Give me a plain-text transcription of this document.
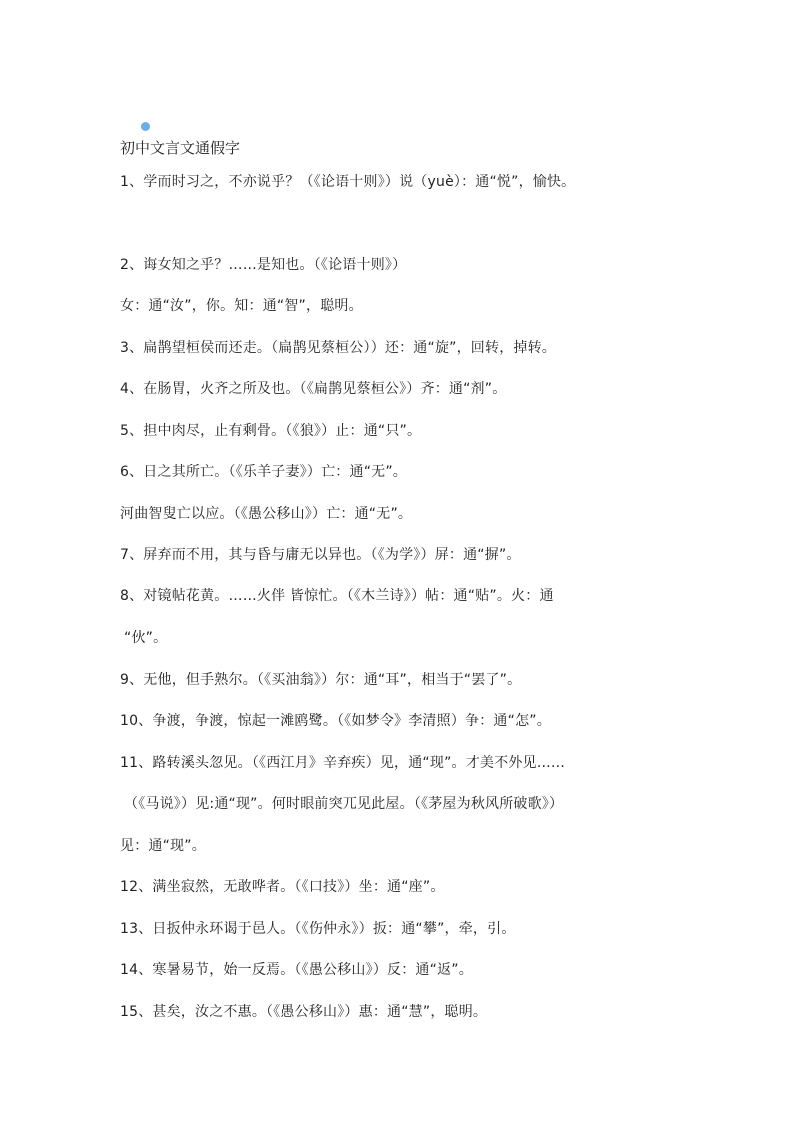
初中文言文通假字
1、学而时习之，不亦说乎？（《论语十则》）说（yuè）：通“悦”，愉快。
2、诲女知之乎？……是知也。（《论语十则》）
女：通“汝”，你。知：通“智”，聪明。
3、扁鹊望桓侯而还走。（扁鹊见蔡桓公））还：通“旋”，回转，掉转。
4、在肠胃，火齐之所及也。（《扁鹊见蔡桓公》）齐：通“剂”。
5、担中肉尽，止有剩骨。（《狼》）止：通“只”。
6、日之其所亡。（《乐羊子妻》）亡：通“无”。
河曲智叟亡以应。（《愚公移山》）亡：通“无”。
7、屏弃而不用，其与昏与庸无以异也。（《为学》）屏：通“摒”。
8、对镜帖花黄。……火伴 皆惊忙。（《木兰诗》）帖：通“贴”。火：通
“伙”。
9、无他，但手熟尔。（《买油翁》）尔：通“耳”，相当于“罢了”。
10、争渡，争渡，惊起一滩鸥鹭。（《如梦令》李清照）争：通“怎”。
11、路转溪头忽见。（《西江月》辛弃疾）见，通“现”。才美不外见……
（《马说》）见:通“现”。何时眼前突兀见此屋。（《茅屋为秋风所破歌》）
见：通“现”。
12、满坐寂然，无敢哗者。（《口技》）坐：通“座”。
13、日扳仲永环谒于邑人。（《伤仲永》）扳：通“攀”，牵，引。
14、寒暑易节，始一反焉。（《愚公移山》）反：通“返”。
15、甚矣，汝之不惠。（《愚公移山》）惠：通“慧”，聪明。
